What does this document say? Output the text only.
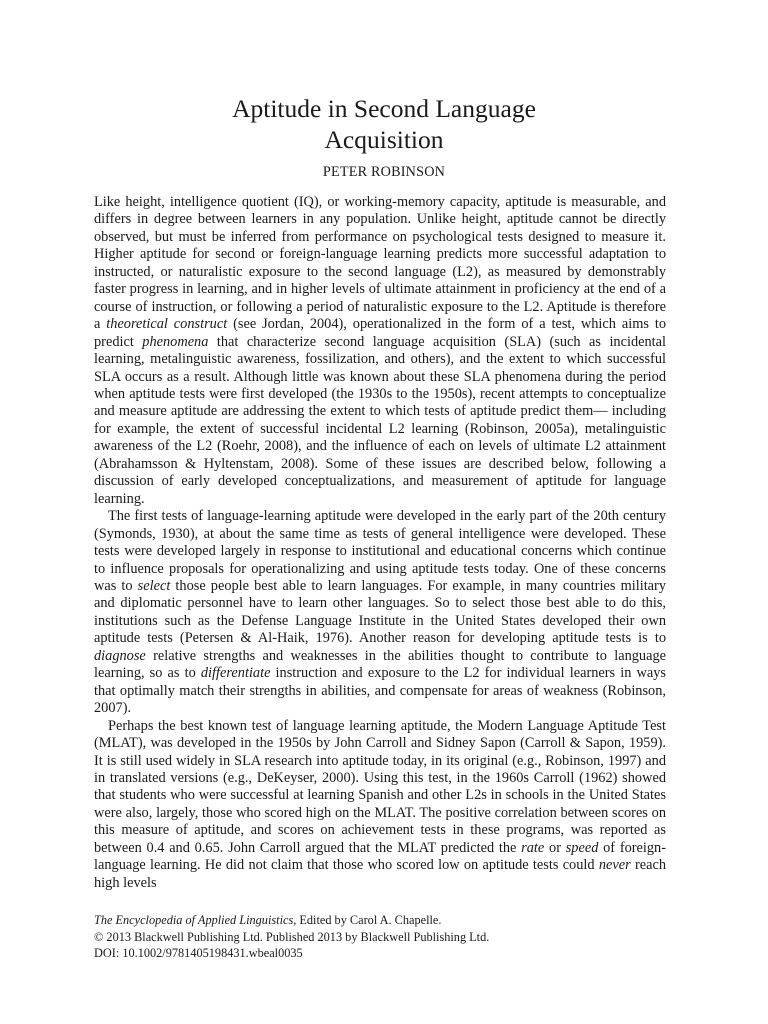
Aptitude in Second Language
Acquisition
PETER ROBINSON

Like height, intelligence quotient (IQ), or working-memory capacity, aptitude is measurable, and differs in degree between learners in any population. Unlike height, aptitude cannot be directly observed, but must be inferred from performance on psychological tests designed to measure it. Higher aptitude for second or foreign-language learning predicts more successful adaptation to instructed, or naturalistic exposure to the second language (L2), as measured by demonstrably faster progress in learning, and in higher levels of ultimate attainment in proficiency at the end of a course of instruction, or following a period of naturalistic exposure to the L2. Aptitude is therefore a theoretical construct (see Jordan, 2004), operationalized in the form of a test, which aims to predict phenomena that characterize second language acquisition (SLA) (such as incidental learning, metalinguistic awareness, fossilization, and others), and the extent to which successful SLA occurs as a result. Although little was known about these SLA phenomena during the period when aptitude tests were first developed (the 1930s to the 1950s), recent attempts to conceptualize and measure aptitude are addressing the extent to which tests of aptitude predict them— including for example, the extent of successful incidental L2 learning (Robinson, 2005a), metalinguistic awareness of the L2 (Roehr, 2008), and the influence of each on levels of ultimate L2 attainment (Abrahamsson & Hyltenstam, 2008). Some of these issues are described below, following a discussion of early developed conceptualizations, and measurement of aptitude for language learning.

The first tests of language-learning aptitude were developed in the early part of the 20th century (Symonds, 1930), at about the same time as tests of general intelligence were developed. These tests were developed largely in response to institutional and educational concerns which continue to influence proposals for operationalizing and using aptitude tests today. One of these concerns was to select those people best able to learn languages. For example, in many countries military and diplomatic personnel have to learn other languages. So to select those best able to do this, institutions such as the Defense Language Institute in the United States developed their own aptitude tests (Petersen & Al-Haik, 1976). Another reason for developing aptitude tests is to diagnose relative strengths and weaknesses in the abilities thought to contribute to language learning, so as to differentiate instruction and exposure to the L2 for individual learners in ways that optimally match their strengths in abilities, and compensate for areas of weakness (Robinson, 2007).

Perhaps the best known test of language learning aptitude, the Modern Language Aptitude Test (MLAT), was developed in the 1950s by John Carroll and Sidney Sapon (Carroll & Sapon, 1959). It is still used widely in SLA research into aptitude today, in its original (e.g., Robinson, 1997) and in translated versions (e.g., DeKeyser, 2000). Using this test, in the 1960s Carroll (1962) showed that students who were successful at learning Spanish and other L2s in schools in the United States were also, largely, those who scored high on the MLAT. The positive correlation between scores on this measure of aptitude, and scores on achievement tests in these programs, was reported as between 0.4 and 0.65. John Carroll argued that the MLAT predicted the rate or speed of foreign-language learning. He did not claim that those who scored low on aptitude tests could never reach high levels

The Encyclopedia of Applied Linguistics, Edited by Carol A. Chapelle.
© 2013 Blackwell Publishing Ltd. Published 2013 by Blackwell Publishing Ltd.
DOI: 10.1002/9781405198431.wbeal0035
